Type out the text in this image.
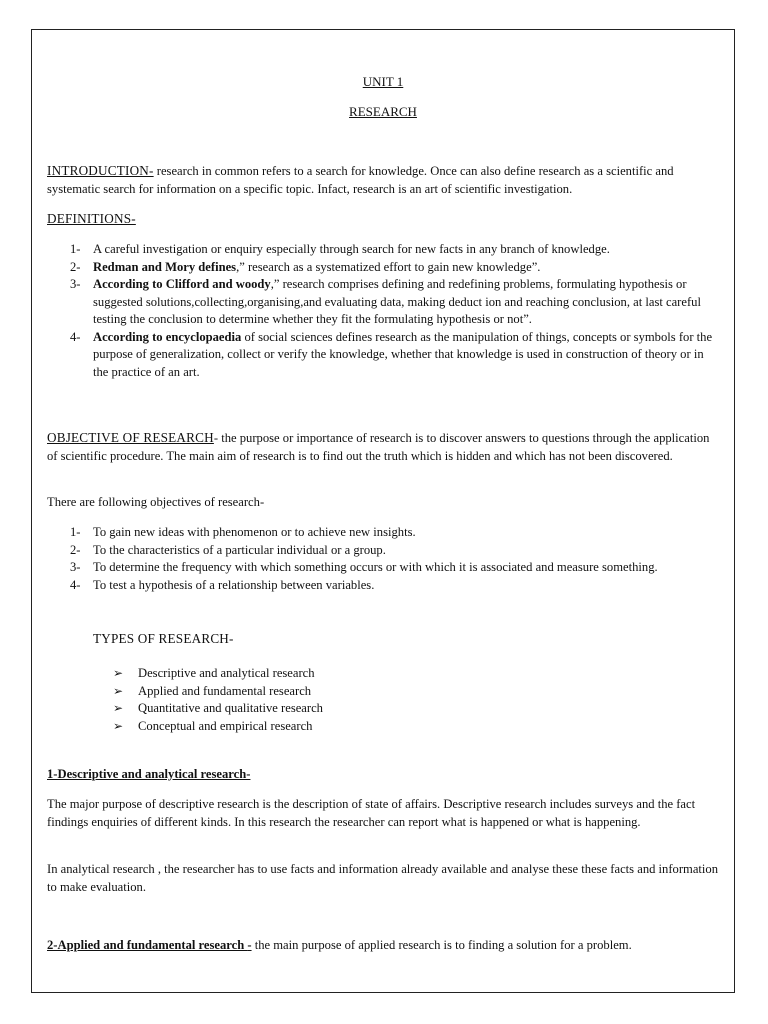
UNIT 1

RESEARCH

INTRODUCTION- research in common refers to a search for knowledge. Once can also define research as a scientific and systematic search for information on a specific topic. Infact, research is an art of scientific investigation.

DEFINITIONS-

1- A careful investigation or enquiry especially through search for new facts in any branch of knowledge.
2- Redman and Mory defines,” research as a systematized effort to gain new knowledge”.
3- According to Clifford and woody,” research comprises defining and redefining problems, formulating hypothesis or suggested solutions,collecting,organising,and evaluating data, making deduct ion and reaching conclusion, at last careful testing the conclusion to determine whether they fit the formulating hypothesis or not”.
4- According to encyclopaedia of social sciences defines research as the manipulation of things, concepts or symbols for the purpose of generalization, collect or verify the knowledge, whether that knowledge is used in construction of theory or in the practice of an art.

OBJECTIVE OF RESEARCH- the purpose or importance of research is to discover answers to questions through the application of scientific procedure. The main aim of research is to find out the truth which is hidden and which has not been discovered.

There are following objectives of research-

1- To gain new ideas with phenomenon or to achieve new insights.
2- To the characteristics of a particular individual or a group.
3- To determine the frequency with which something occurs or with which it is associated and measure something.
4- To test a hypothesis of a relationship between variables.

TYPES OF RESEARCH-

➢ Descriptive and analytical research
➢ Applied and fundamental research
➢ Quantitative and qualitative research
➢ Conceptual and empirical research

1-Descriptive and analytical research-

The major purpose of descriptive research is the description of state of affairs. Descriptive research includes surveys and the fact findings enquiries of different kinds. In this research the researcher can report what is happened or what is happening.

In analytical research , the researcher has to use facts and information already available and analyse these these facts and information to make evaluation.

2-Applied and fundamental research - the main purpose of applied research is to finding a solution for a problem.
